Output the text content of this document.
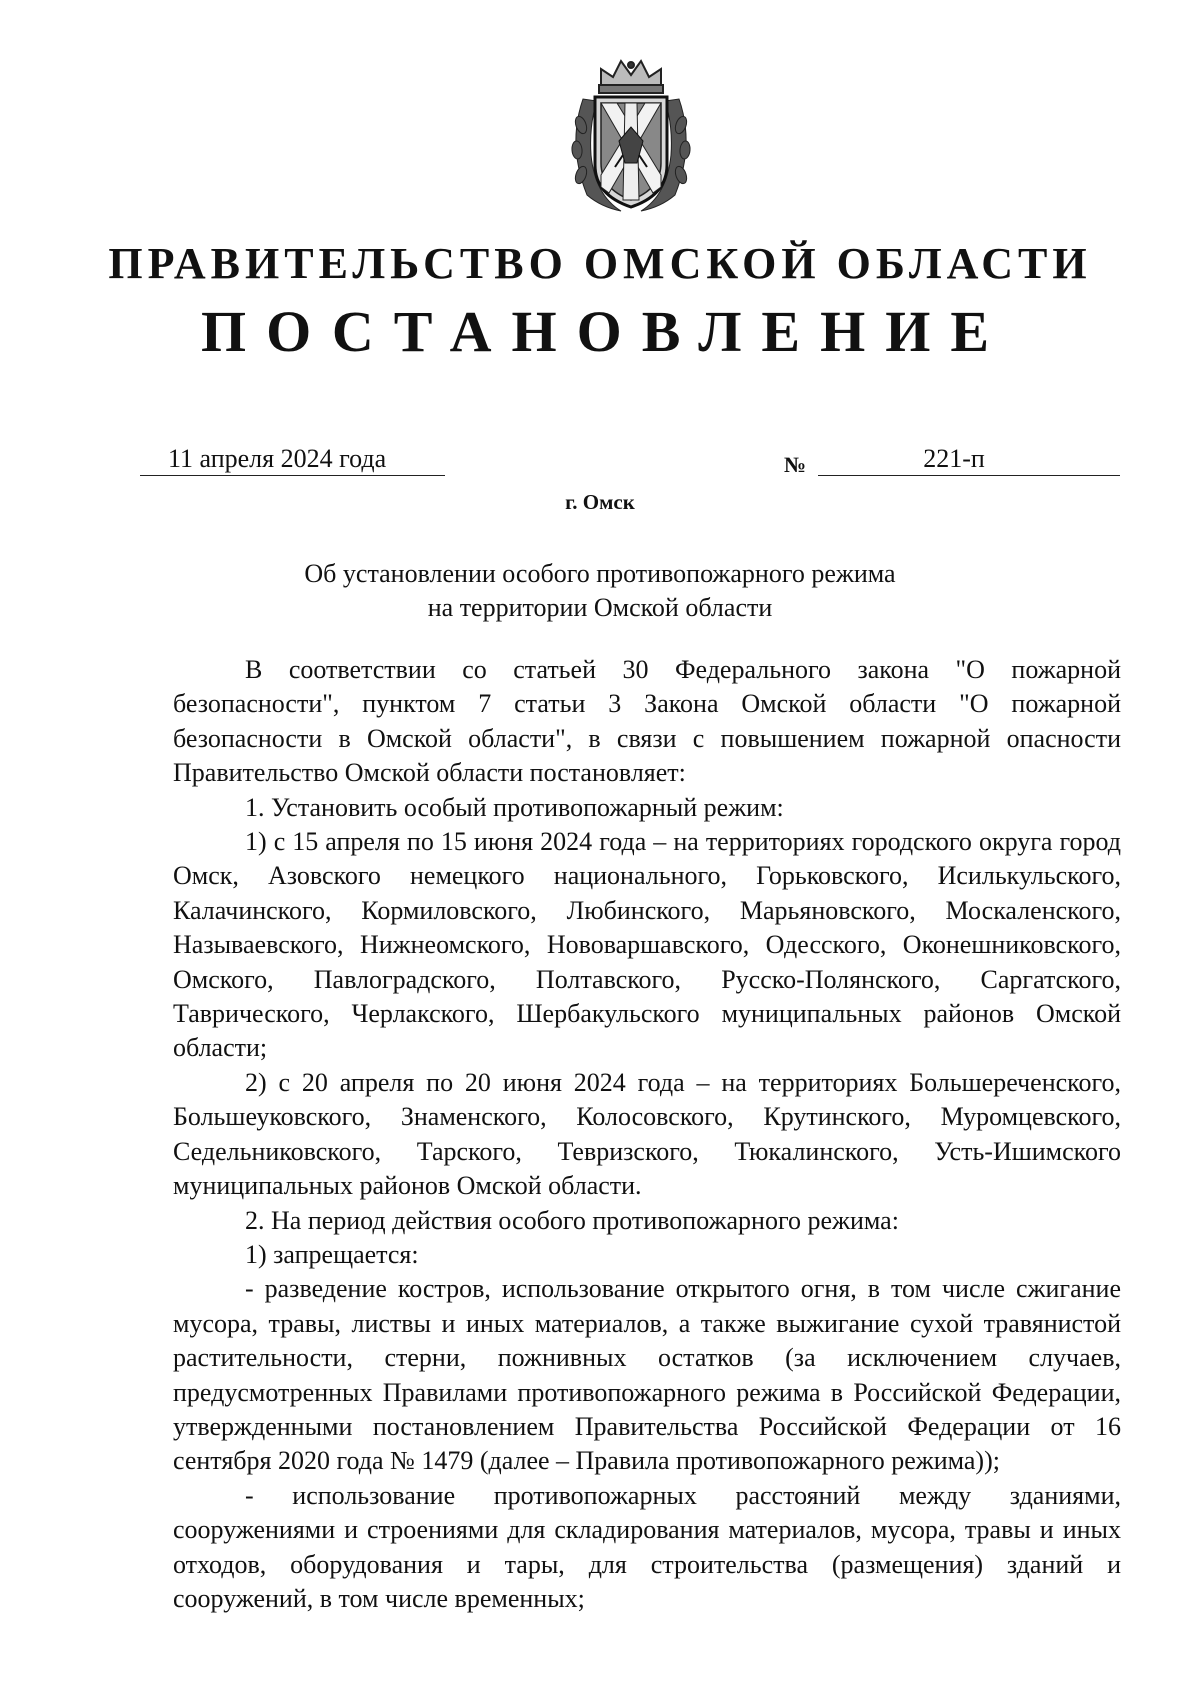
ПРАВИТЕЛЬСТВО ОМСКОЙ ОБЛАСТИ
ПОСТАНОВЛЕНИЕ
11 апреля 2024 года	№	221-п
г. Омск
Об установлении особого противопожарного режима
на территории Омской области

В соответствии со статьей 30 Федерального закона "О пожарной безопасности", пунктом 7 статьи 3 Закона Омской области "О пожарной безопасности в Омской области", в связи с повышением пожарной опасности Правительство Омской области постановляет:

1. Установить особый противопожарный режим:

1) с 15 апреля по 15 июня 2024 года – на территориях городского округа город Омск, Азовского немецкого национального, Горьковского, Исилькульского, Калачинского, Кормиловского, Любинского, Марьяновского, Москаленского, Называевского, Нижнеомского, Нововаршавского, Одесского, Оконешниковского, Омского, Павлоградского, Полтавского, Русско-Полянского, Саргатского, Таврического, Черлакского, Шербакульского муниципальных районов Омской области;

2) с 20 апреля по 20 июня 2024 года – на территориях Большереченского, Большеуковского, Знаменского, Колосовского, Крутинского, Муромцевского, Седельниковского, Тарского, Тевризского, Тюкалинского, Усть-Ишимского муниципальных районов Омской области.

2. На период действия особого противопожарного режима:

1) запрещается:

- разведение костров, использование открытого огня, в том числе сжигание мусора, травы, листвы и иных материалов, а также выжигание сухой травянистой растительности, стерни, пожнивных остатков (за исключением случаев, предусмотренных Правилами противопожарного режима в Российской Федерации, утвержденными постановлением Правительства Российской Федерации от 16 сентября 2020 года № 1479 (далее – Правила противопожарного режима));

- использование противопожарных расстояний между зданиями, сооружениями и строениями для складирования материалов, мусора, травы и иных отходов, оборудования и тары, для строительства (размещения) зданий и сооружений, в том числе временных;
